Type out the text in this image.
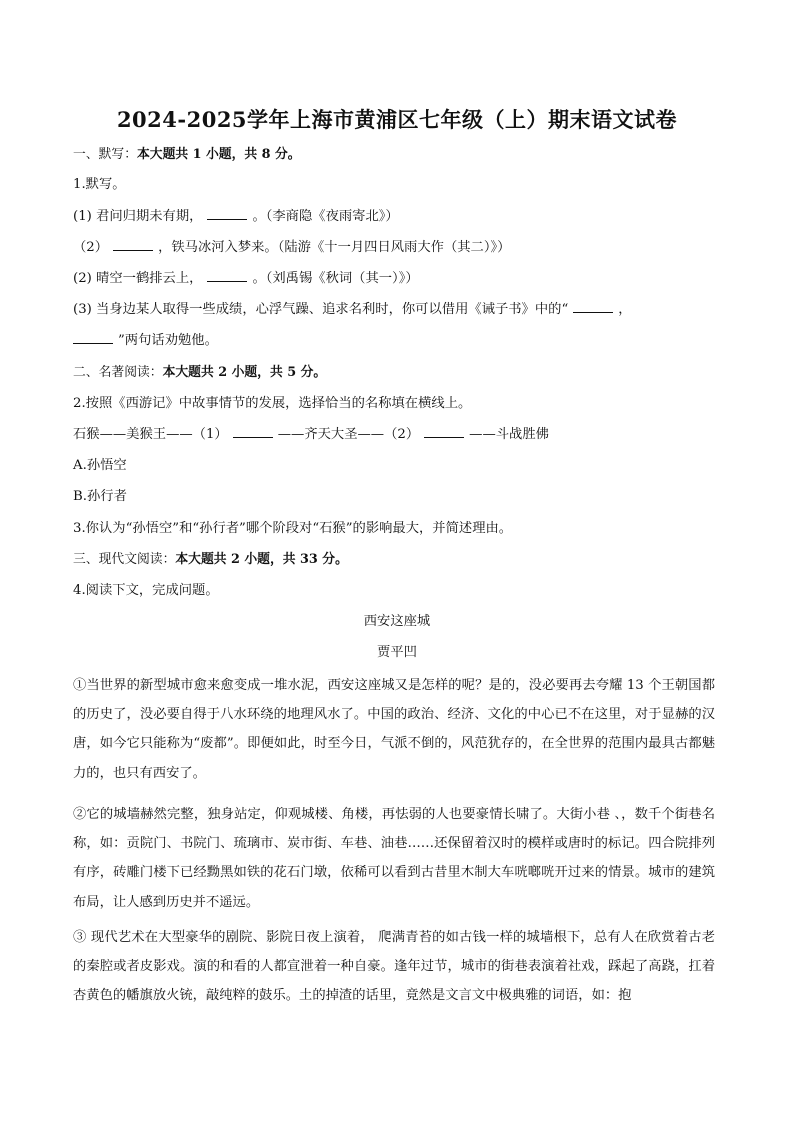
2024-2025学年上海市黄浦区七年级（上）期末语文试卷
一、默写：本大题共 1 小题，共 8 分。
1.默写。
(1) 君问归期未有期，	。（李商隐《夜雨寄北》）
（2）	，铁马冰河入梦来。（陆游《十一月四日风雨大作（其二）》）
(2) 晴空一鹤排云上，	。（刘禹锡《秋词（其一）》）
(3) 当身边某人取得一些成绩，心浮气躁、追求名利时，你可以借用《诫子书》中的“	，
”两句话劝勉他。
二、名著阅读：本大题共 2 小题，共 5 分。
2.按照《西游记》中故事情节的发展，选择恰当的名称填在横线上。
石猴——美猴王——（1）	——齐天大圣——（2）	——斗战胜佛
A.孙悟空
B.孙行者
3.你认为“孙悟空”和“孙行者”哪个阶段对“石猴”的影响最大，并简述理由。
三、现代文阅读：本大题共 2 小题，共 33 分。
4.阅读下文，完成问题。
西安这座城
贾平凹
①当世界的新型城市愈来愈变成一堆水泥，西安这座城又是怎样的呢？是的，没必要再去夸耀 13 个王朝国都的历史了，没必要自得于八水环绕的地理风水了。中国的政治、经济、文化的中心已不在这里，对于显赫的汉唐，如今它只能称为“废都”。即便如此，时至今日，气派不倒的，风范犹存的，在全世界的范围内最具古都魅力的，也只有西安了。
②它的城墙赫然完整，独身站定，仰观城楼、角楼，再怯弱的人也要豪情长啸了。大街小巷 、，数千个街巷名称，如：贡院门、书院门、琉璃市、炭市街、车巷、油巷……还保留着汉时的模样或唐时的标记。四合院排列有序，砖雕门楼下已经黝黑如铁的花石门墩，依稀可以看到古昔里木制大车咣啷咣开过来的情景。城市的建筑布局，让人感到历史并不遥远。
③ 现代艺术在大型豪华的剧院、影院日夜上演着， 爬满青苔的如古钱一样的城墙根下，总有人在欣赏着古老的秦腔或者皮影戏。演的和看的人都宣泄着一种自豪。逢年过节，城市的街巷表演着社戏，踩起了高跷，扛着杏黄色的幡旗放火铳，敲纯粹的鼓乐。土的掉渣的话里，竟然是文言文中极典雅的词语，如：抱
